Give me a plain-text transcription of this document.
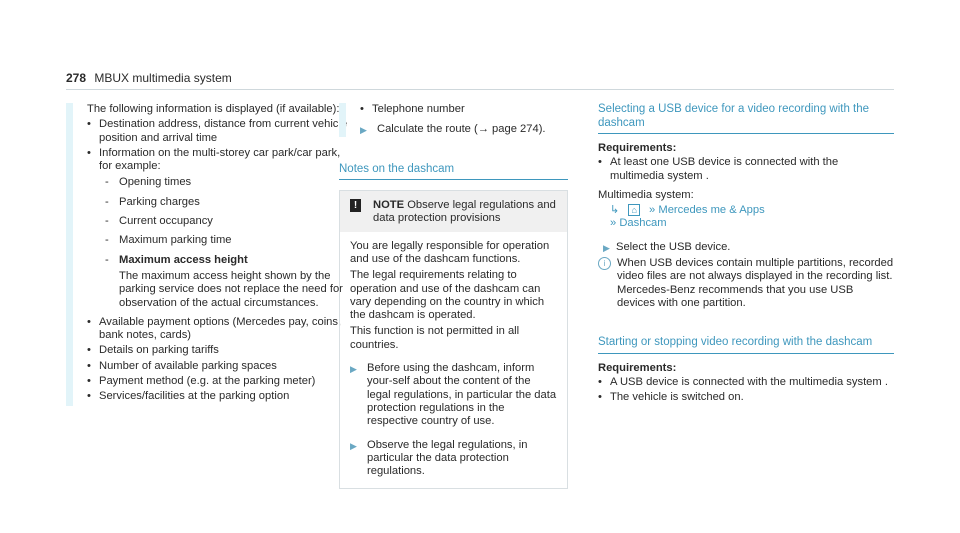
278 MBUX multimedia system

The following information is displayed (if available):

• Destination address, distance from current vehicle position and arrival time
• Information on the multi-storey car park/car park, for example:
- Opening times
- Parking charges
- Current occupancy
- Maximum parking time
- Maximum access height
The maximum access height shown by the parking service does not replace the need for observation of the actual circumstances.
• Available payment options (Mercedes pay, coins, bank notes, cards)
• Details on parking tariffs
• Number of available parking spaces
• Payment method (e.g. at the parking meter)
• Services/facilities at the parking option
• Telephone number
▶ Calculate the route (→ page 274).
Notes on the dashcam
!	NOTE Observe legal regulations and data protection provisions

You are legally responsible for operation and use of the dashcam functions.

The legal requirements relating to operation and use of the dashcam can vary depending on the country in which the dashcam is operated.

This function is not permitted in all countries.

▶ Before using the dashcam, inform your-self about the content of the legal regulations, in particular the data protection regulations in the respective country of use.
▶ Observe the legal regulations, in particular the data protection regulations.
Selecting a USB device for a video recording with the dashcam
Requirements:
• At least one USB device is connected with the multimedia system .

Multimedia system:

↳ ⌂ » Mercedes me & Apps
» Dashcam
▶ Select the USB device.
i	When USB devices contain multiple partitions, recorded video files are not always displayed in the recording list. Mercedes-Benz recommends that you use USB devices with one partition.
Starting or stopping video recording with the dashcam
Requirements:
• A USB device is connected with the multimedia system .
• The vehicle is switched on.
